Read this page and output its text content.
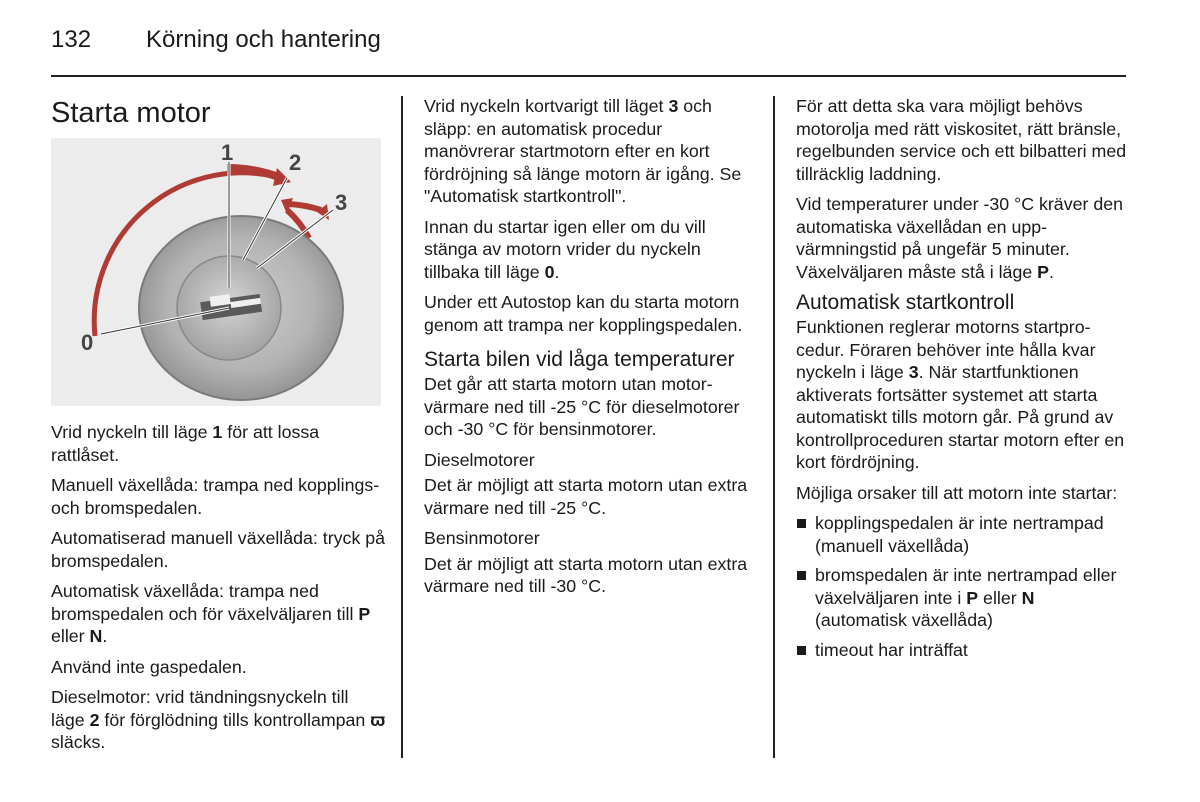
132 Körning och hantering
Starta motor
0
1	2
3

Vrid nyckeln till läge 1 för att lossa rattlåset.

Manuell växellåda: trampa ned kopplings- och bromspedalen.

Automatiserad manuell växellåda: tryck på bromspedalen.

Automatisk växellåda: trampa ned bromspedalen och för växelväljaren till P eller N.

Använd inte gaspedalen.

Dieselmotor: vrid tändningsnyckeln till läge 2 för förglödning tills kontrollampan ϖ släcks.

Vrid nyckeln kortvarigt till läget 3 och släpp: en automatisk procedur manövrerar startmotorn efter en kort fördröjning så länge motorn är igång. Se "Automatisk startkontroll".

Innan du startar igen eller om du vill stänga av motorn vrider du nyckeln tillbaka till läge 0.

Under ett Autostop kan du starta motorn genom att trampa ner kopplingspedalen.

Starta bilen vid låga temperaturer

Det går att starta motorn utan motorvärmare ned till -25 °C för dieselmotorer och -30 °C för bensinmotorer.

Dieselmotorer

Det är möjligt att starta motorn utan extra värmare ned till -25 °C.

Bensinmotorer

Det är möjligt att starta motorn utan extra värmare ned till -30 °C.

För att detta ska vara möjligt behövs motorolja med rätt viskositet, rätt bränsle, regelbunden service och ett bilbatteri med tillräcklig laddning.

Vid temperaturer under -30 °C kräver den automatiska växellådan en uppvärmningstid på ungefär 5 minuter. Växelväljaren måste stå i läge P.

Automatisk startkontroll

Funktionen reglerar motorns startprocedur. Föraren behöver inte hålla kvar nyckeln i läge 3. När startfunktionen aktiverats fortsätter systemet att starta automatiskt tills motorn går. På grund av kontrollproceduren startar motorn efter en kort fördröjning.

Möjliga orsaker till att motorn inte startar:

kopplingspedalen är inte nertrampad (manuell växellåda)
bromspedalen är inte nertrampad eller växelväljaren inte i P eller N (automatisk växellåda)
timeout har inträffat
